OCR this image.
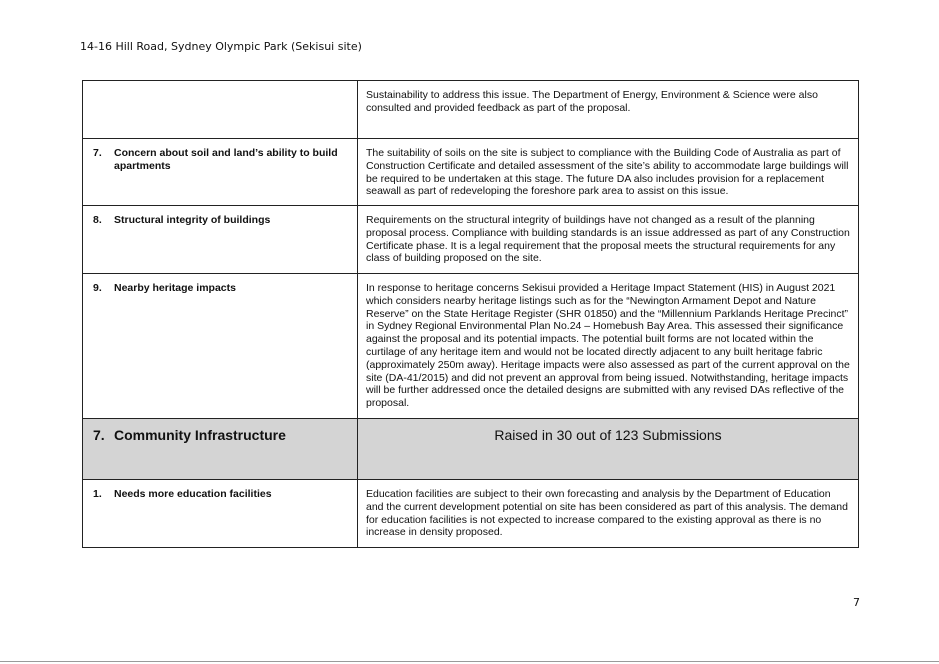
14-16 Hill Road, Sydney Olympic Park (Sekisui site)
	Sustainability to address this issue. The Department of Energy, Environment & Science were also consulted and provided feedback as part of the proposal.

7. Concern about soil and land’s ability to build apartments	The suitability of soils on the site is subject to compliance with the Building Code of Australia as part of Construction Certificate and detailed assessment of the site’s ability to accommodate large buildings will be required to be undertaken at this stage. The future DA also includes provision for a replacement seawall as part of redeveloping the foreshore park area to assist on this issue.

8. Structural integrity of buildings	Requirements on the structural integrity of buildings have not changed as a result of the planning proposal process. Compliance with building standards is an issue addressed as part of any Construction Certificate phase. It is a legal requirement that the proposal meets the structural requirements for any class of building proposed on the site.

9. Nearby heritage impacts	In response to heritage concerns Sekisui provided a Heritage Impact Statement (HIS) in August 2021 which considers nearby heritage listings such as for the “Newington Armament Depot and Nature Reserve” on the State Heritage Register (SHR 01850) and the “Millennium Parklands Heritage Precinct” in Sydney Regional Environmental Plan No.24 – Homebush Bay Area. This assessed their significance against the proposal and its potential impacts. The potential built forms are not located within the curtilage of any heritage item and would not be located directly adjacent to any built heritage fabric (approximately 250m away). Heritage impacts were also assessed as part of the current approval on the site (DA-41/2015) and did not prevent an approval from being issued. Notwithstanding, heritage impacts will be further addressed once the detailed designs are submitted with any revised DAs reflective of the proposal.

7. Community Infrastructure	Raised in 30 out of 123 Submissions

1. Needs more education facilities	Education facilities are subject to their own forecasting and analysis by the Department of Education and the current development potential on site has been considered as part of this analysis. The demand for education facilities is not expected to increase compared to the existing approval as there is no increase in density proposed.
7
